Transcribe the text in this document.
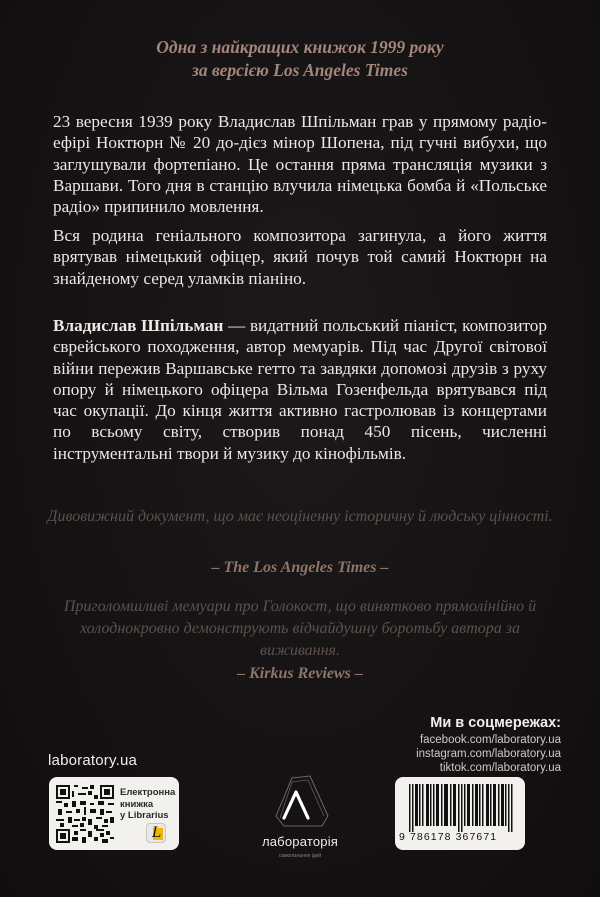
Одна з найкращих книжок 1999 року
за версією Los Angeles Times

23 вересня 1939 року Владислав Шпільман грав у прямому радіоефірі Ноктюрн № 20 до-дієз мінор Шопена, під гучні вибухи, що заглушували фортепіано. Це остання пряма трансляція музики з Варшави. Того дня в станцію влучила німецька бомба й «Польське радіо» припинило мовлення.

Вся родина геніального композитора загинула, а його життя врятував німецький офіцер, який почув той самий Ноктюрн на знайденому серед уламків піаніно.

Владислав Шпільман — видатний польський піаніст, композитор єврейського походження, автор мемуарів. Під час Другої світової війни пережив Варшавське гетто та завдяки допомозі друзів з руху опору й німецького офіцера Вільма Гозенфельда врятувався під час окупації. До кінця життя активно гастролював із концертами по всьому світу, створив понад 450 пісень, численні інструментальні твори й музику до кінофільмів.

Дивовижний документ, що має неоціненну історичну й людську цінності.

– The Los Angeles Times –

Приголомшливі мемуари про Голокост, що винятково прямолінійно й холоднокровно демонструють відчайдушну боротьбу автора за виживання.

– Kirkus Reviews –

Ми в соцмережах:
facebook.com/laboratory.ua
instagram.com/laboratory.ua
tiktok.com/laboratory.ua
laboratory.ua
Електронна
книжка
у Librarius
L
лабораторія
самопізнання ідей
9 786178 367671
